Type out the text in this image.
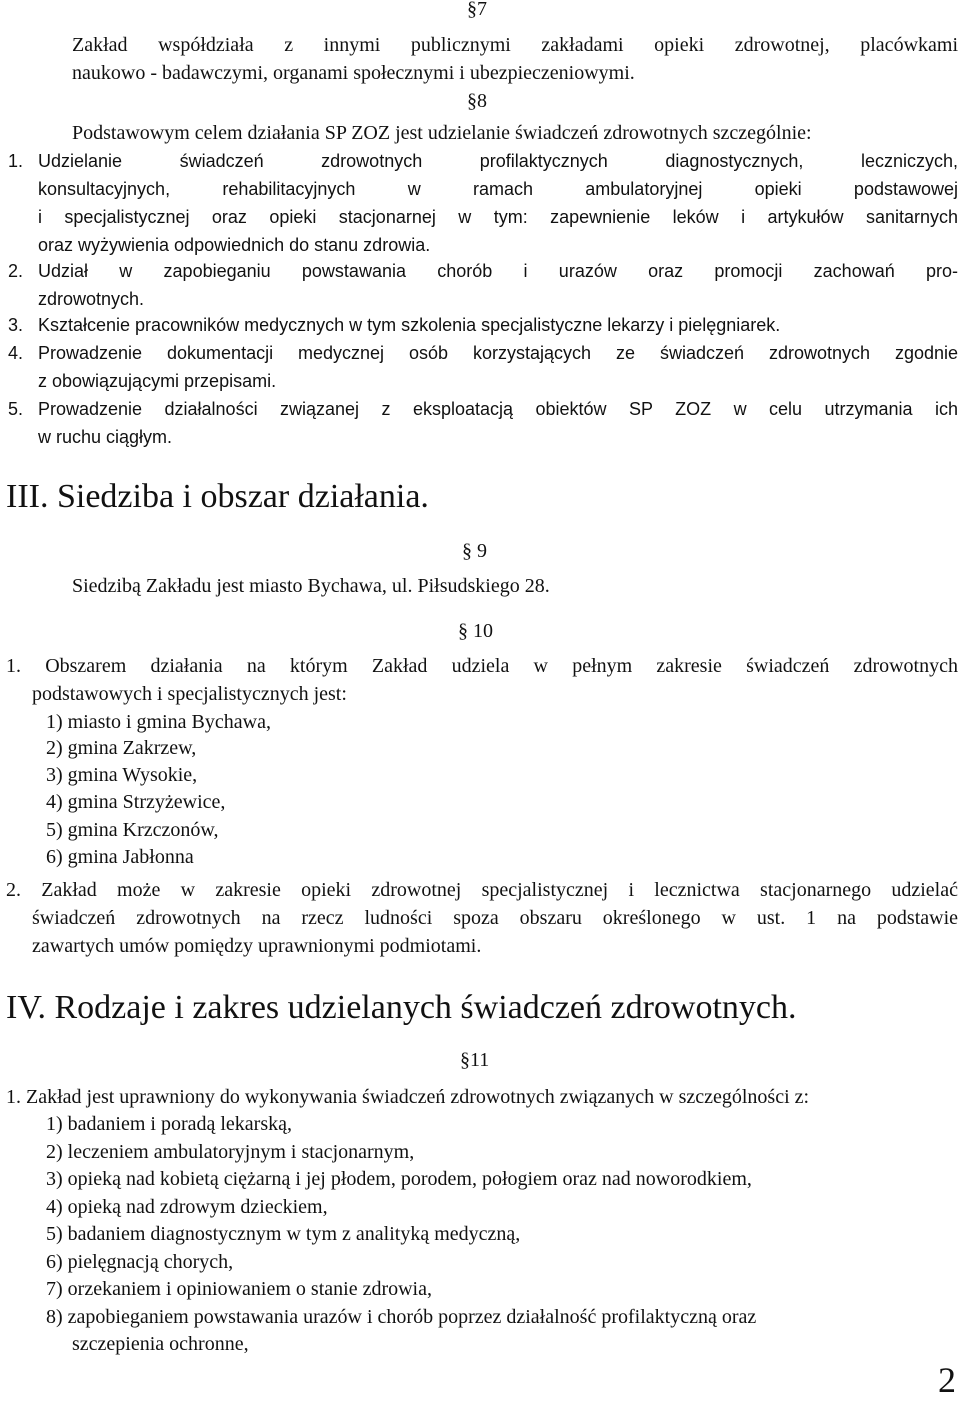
§7
Zakład współdziała z innymi publicznymi zakładami opieki zdrowotnej, placówkami
naukowo - badawczymi, organami społecznymi i ubezpieczeniowymi.
§8
Podstawowym celem działania SP ZOZ jest udzielanie świadczeń zdrowotnych szczególnie:
1. Udzielanie świadczeń zdrowotnych profilaktycznych diagnostycznych, leczniczych,
konsultacyjnych, rehabilitacyjnych w ramach ambulatoryjnej opieki podstawowej
i specjalistycznej oraz opieki stacjonarnej w tym: zapewnienie leków i artykułów sanitarnych
oraz wyżywienia odpowiednich do stanu zdrowia.
2. Udział w zapobieganiu powstawania chorób i urazów oraz promocji zachowań pro-
zdrowotnych.
3. Kształcenie pracowników medycznych w tym szkolenia specjalistyczne lekarzy i pielęgniarek.
4. Prowadzenie dokumentacji medycznej osób korzystających ze świadczeń zdrowotnych zgodnie
z obowiązującymi przepisami.
5. Prowadzenie działalności związanej z eksploatacją obiektów SP ZOZ w celu utrzymania ich
w ruchu ciągłym.
III. Siedziba i obszar działania.
§ 9
Siedzibą Zakładu jest miasto Bychawa, ul. Piłsudskiego 28.
§ 10
1. Obszarem działania na którym Zakład udziela w pełnym zakresie świadczeń zdrowotnych
podstawowych i specjalistycznych jest:
1) miasto i gmina Bychawa,
2) gmina Zakrzew,
3) gmina Wysokie,
4) gmina Strzyżewice,
5) gmina Krzczonów,
6) gmina Jabłonna
2. Zakład może w zakresie opieki zdrowotnej specjalistycznej i lecznictwa stacjonarnego udzielać
świadczeń zdrowotnych na rzecz ludności spoza obszaru określonego w ust. 1 na podstawie
zawartych umów pomiędzy uprawnionymi podmiotami.
IV. Rodzaje i zakres udzielanych świadczeń zdrowotnych.
§11
1. Zakład jest uprawniony do wykonywania świadczeń zdrowotnych związanych w szczególności z:
1) badaniem i poradą lekarską,
2) leczeniem ambulatoryjnym i stacjonarnym,
3) opieką nad kobietą ciężarną i jej płodem, porodem, połogiem oraz nad noworodkiem,
4) opieką nad zdrowym dzieckiem,
5) badaniem diagnostycznym w tym z analityką medyczną,
6) pielęgnacją chorych,
7) orzekaniem i opiniowaniem o stanie zdrowia,
8) zapobieganiem powstawania urazów i chorób poprzez działalność profilaktyczną oraz
szczepienia ochronne,
2
